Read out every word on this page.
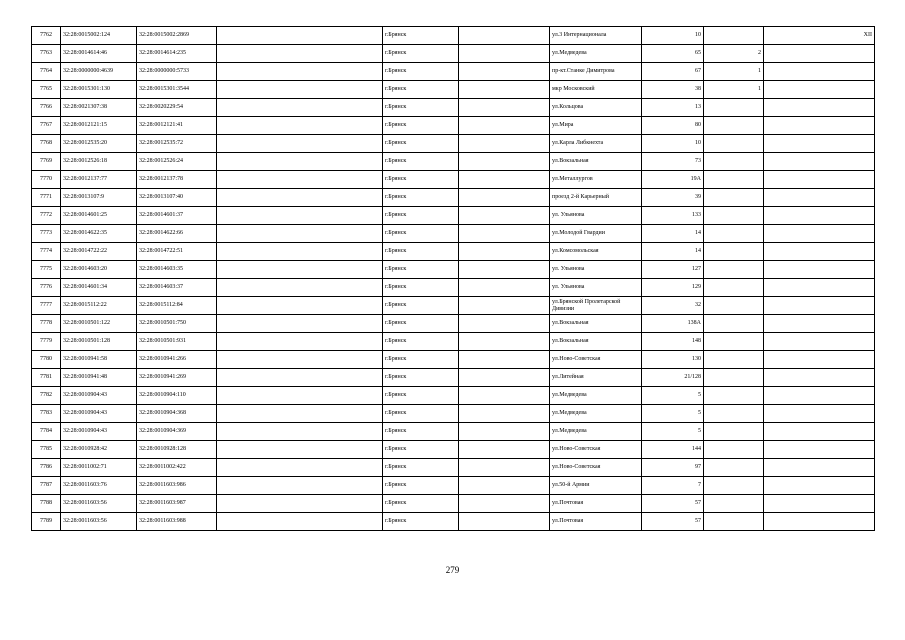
7762	32:28:0015002:124	32:28:0015002:2869		г.Брянск		ул.3 Интернационала	10		XII
7763	32:28:0014614:46	32:28:0014614:235		г.Брянск		ул.Медведева	65	2	
7764	32:28:0000000:4639	32:28:0000000:5733		г.Брянск		пр-кт.Станке Димитрова	67	1	
7765	32:28:0015301:130	32:28:0015301:3544		г.Брянск		мкр Московский	38	1	
7766	32:28:0021307:38	32:28:0020229:54		г.Брянск		ул.Кольцова	13		
7767	32:28:0012121:15	32:28:0012121:41		г.Брянск		ул.Мира	80		
7768	32:28:0012535:20	32:28:0012535:72		г.Брянск		ул.Карла Либкнехта	10		
7769	32:28:0012526:18	32:28:0012526:24		г.Брянск		ул.Вокзальная	73		
7770	32:28:0012137:77	32:28:0012137:78		г.Брянск		ул.Металлургов	19А		
7771	32:28:0013107:9	32:28:0013107:40		г.Брянск		проезд 2-й Карьерный	39		
7772	32:28:0014601:25	32:28:0014601:37		г.Брянск		ул. Ульянова	133		
7773	32:28:0014622:35	32:28:0014622:66		г.Брянск		ул.Молодой Гвардии	14		
7774	32:28:0014722:22	32:28:0014722:51		г.Брянск		ул.Комсомольская	14		
7775	32:28:0014603:20	32:28:0014603:35		г.Брянск		ул. Ульянова	127		
7776	32:28:0014601:34	32:28:0014603:37		г.Брянск		ул. Ульянова	129		
7777	32:28:0015112:22	32:28:0015112:84		г.Брянск		ул.Брянской Пролетарской Дивизии	32		
7778	32:28:0010501:122	32:28:0010501:750		г.Брянск		ул.Вокзальная	138А		
7779	32:28:0010501:128	32:28:0010501:931		г.Брянск		ул.Вокзальная	148		
7780	32:28:0010941:58	32:28:0010941:266		г.Брянск		ул.Ново-Советская	130		
7781	32:28:0010941:48	32:28:0010941:269		г.Брянск		ул.Литейная	21/128		
7782	32:28:0010904:43	32:28:0010904:110		г.Брянск		ул.Медведева	5		
7783	32:28:0010904:43	32:28:0010904:368		г.Брянск		ул.Медведева	5		
7784	32:28:0010904:43	32:28:0010904:369		г.Брянск		ул.Медведева	5		
7785	32:28:0010928:42	32:28:0010928:128		г.Брянск		ул.Ново-Советская	144		
7786	32:28:0011002:71	32:28:0011002:422		г.Брянск		ул.Ново-Советская	97		
7787	32:28:0011603:76	32:28:0011603:986		г.Брянск		ул.50-й Армии	7		
7788	32:28:0011603:56	32:28:0011603:987		г.Брянск		ул.Почтовая	57		
7789	32:28:0011603:56	32:28:0011603:988		г.Брянск		ул.Почтовая	57		
279
